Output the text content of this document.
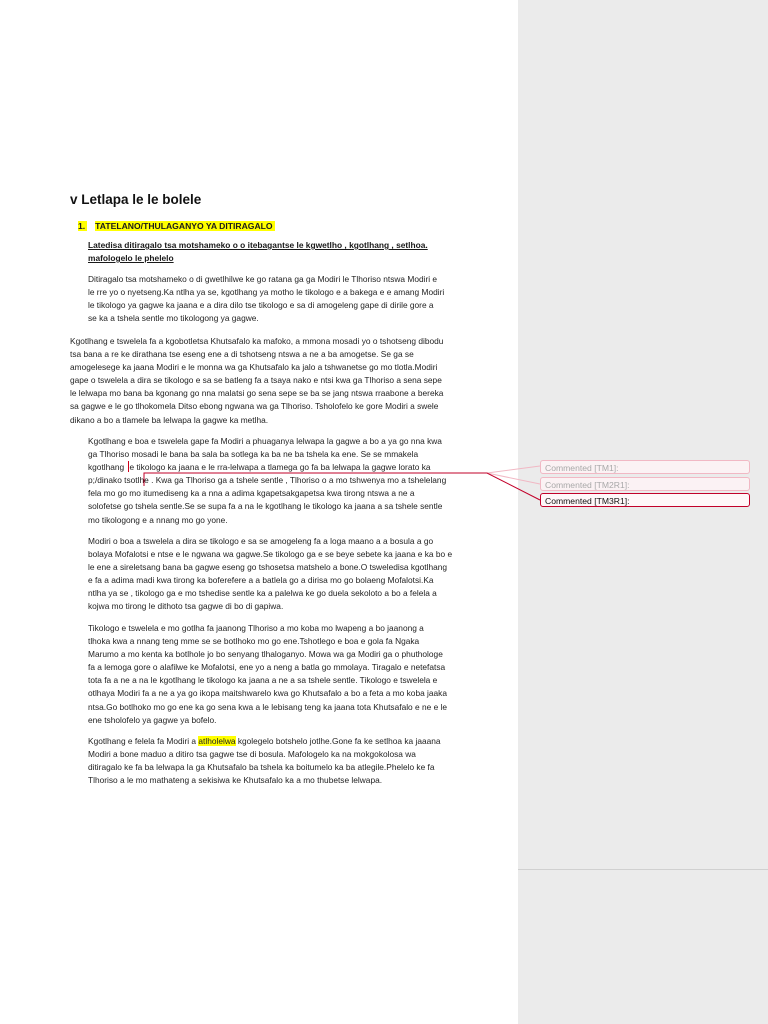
v Letlapa le le bolele
1. TATELANO/THULAGANYO YA DITIRAGALO
Latedisa ditiragalo tsa motshameko o o itebagantse le kgwetlho , kgotlhang , setlhoa.
mafologelo le phelelo
Ditiragalo tsa motshameko o di gwetlhilwe ke go ratana ga ga Modiri le Tlhoriso ntswa Modiri e
le rre yo o nyetseng.Ka ntlha ya se, kgotlhang ya motho le tikologo e a bakega e e amang Modiri
le tikologo ya gagwe ka jaana e a dira dilo tse tikologo e sa di amogeleng gape di dirile gore a
se ka a tshela sentle mo tikologong ya gagwe.
Kgotlhang e tswelela fa a kgobotletsa Khutsafalo ka mafoko, a mmona mosadi yo o tshotseng dibodu
tsa bana a re ke dirathana tse eseng ene a di tshotseng ntswa a ne a ba amogetse. Se ga se
amogelesege ka jaana Modiri e le monna wa ga Khutsafalo ka jalo a tshwanetse go mo tlotla.Modiri
gape o tswelela a dira se tikologo e sa se batleng fa a tsaya nako e ntsi kwa ga Tlhoriso a sena sepe
le lelwapa mo bana ba kgonang go nna malatsi go sena sepe se ba se jang ntswa rraabone a bereka
sa gagwe e le go tlhokomela Ditso ebong ngwana wa ga Tlhoriso. Tsholofelo ke gore Modiri a swele
dikano a bo a tlamele ba lelwapa la gagwe ka metlha.
Kgotlhang e boa e tswelela gape fa Modiri a phuaganya lelwapa la gagwe a bo a ya go nna kwa
ga Tlhoriso mosadi le bana ba sala ba sotlega ka ba ne ba tshela ka ene. Se se mmakela
kgotlhang e tikologo ka jaana e le rra-lelwapa a tlamega go fa ba lelwapa la gagwe lorato ka
p;/dinako tsotlhe . Kwa ga Tlhoriso ga a tshele sentle , Tlhoriso o a mo tshwenya mo a tshelelang
fela mo go mo itumediseng ka a nna a adima kgapetsakgapetsa kwa tirong ntswa a ne a
solofetse go tshela sentle.Se se supa fa a na le kgotlhang le tikologo ka jaana a sa tshele sentle
mo tikologong e a nnang mo go yone.
Modiri o boa a tswelela a dira se tikologo e sa se amogeleng fa a loga maano a a bosula a go
bolaya Mofalotsi e ntse e le ngwana wa gagwe.Se tikologo ga e se beye sebete ka jaana e ka bo e
le ene a sireletsang bana ba gagwe eseng go tshosetsa matshelo a bone.O tsweledisa kgotlhang
e fa a adima madi kwa tirong ka boferefere a a batlela go a dirisa mo go bolaeng Mofalotsi.Ka
ntlha ya se , tikologo ga e mo tshedise sentle ka a palelwa ke go duela sekoloto a bo a felela a
kojwa mo tirong le dithoto tsa gagwe di bo di gapiwa.
Tikologo e tswelela e mo gotlha fa jaanong Tlhoriso a mo koba mo lwapeng a bo jaanong a
tlhoka kwa a nnang teng mme se se botlhoko mo go ene.Tshotlego e boa e gola fa Ngaka
Marumo a mo kenta ka botlhole jo bo senyang tlhaloganyo. Mowa wa ga Modiri ga o phuthologe
fa a lemoga gore o alafilwe ke Mofalotsi, ene yo a neng a batla go mmolaya. Tiragalo e netefatsa
tota fa a ne a na le kgotlhang le tikologo ka jaana a ne a sa tshele sentle. Tikologo e tswelela e
otlhaya Modiri fa a ne a ya go ikopa maitshwarelo kwa go Khutsafalo a bo a feta a mo koba jaaka
ntsa.Go botlhoko mo go ene ka go sena kwa a le lebisang teng ka jaana tota Khutsafalo e ne e le
ene tsholofelo ya gagwe ya bofelo.
Kgotlhang e felela fa Modiri a atlholelwa kgolegelo botshelo jotlhe.Gone fa ke setlhoa ka jaaana
Modiri a bone maduo a ditiro tsa gagwe tse di bosula. Mafologelo ka na mokgokolosa wa
ditiragalo ke fa ba lelwapa la ga Khutsafalo ba tshela ka boitumelo ka ba atlegile.Phelelo ke fa
Tlhoriso a le mo mathateng a sekisiwa ke Khutsafalo ka a mo thubetse lelwapa.
Commented [TM1]:
Commented [TM2R1]:
Commented [TM3R1]:
